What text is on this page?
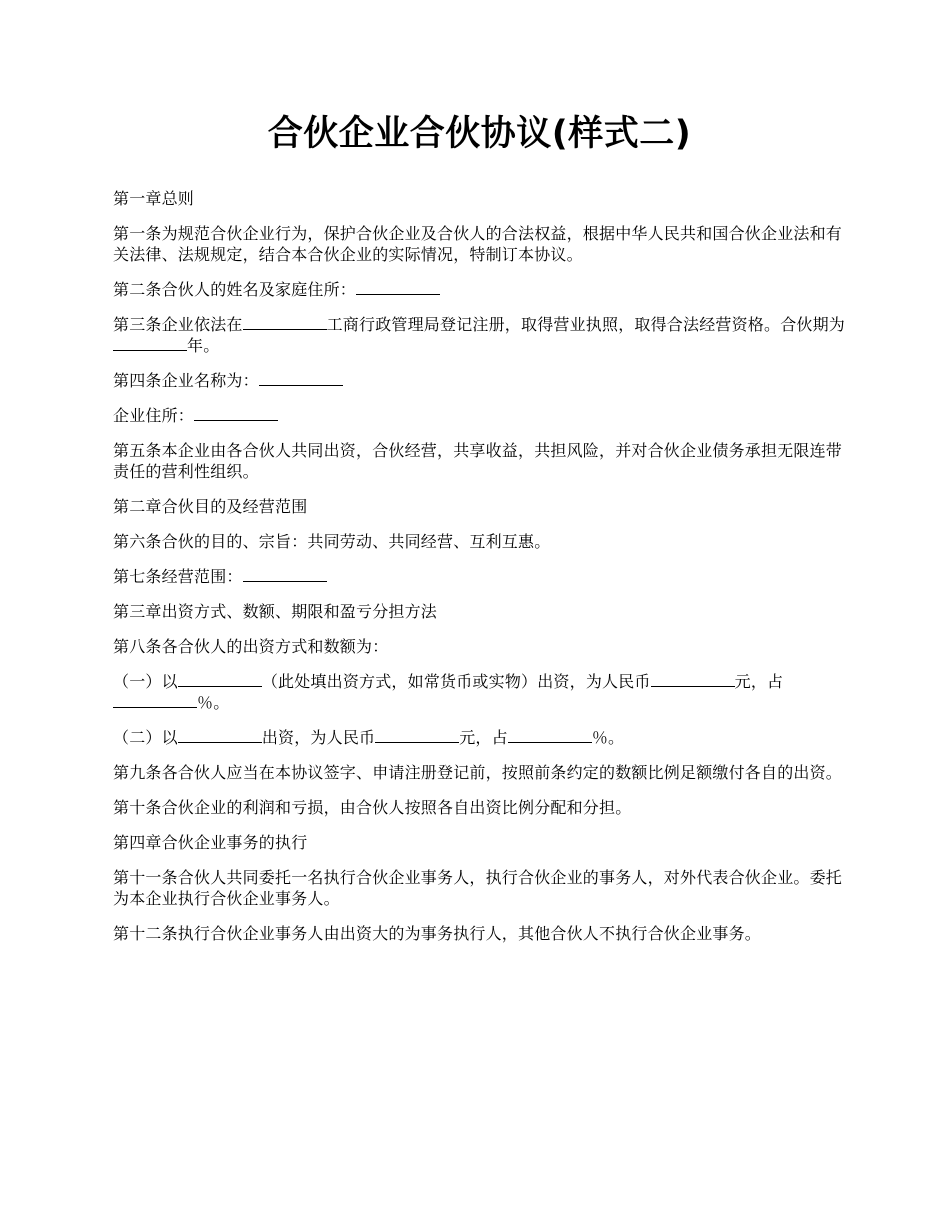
合伙企业合伙协议(样式二)

第一章总则

第一条为规范合伙企业行为，保护合伙企业及合伙人的合法权益，根据中华人民共和国合伙企业法和有关法律、法规规定，结合本合伙企业的实际情况，特制订本协议。

第二条合伙人的姓名及家庭住所：

第三条企业依法在	工商行政管理局登记注册，取得营业执照，取得合法经营资格。合伙期为年。

第四条企业名称为：

企业住所：

第五条本企业由各合伙人共同出资，合伙经营，共享收益，共担风险，并对合伙企业债务承担无限连带责任的营利性组织。

第二章合伙目的及经营范围

第六条合伙的目的、宗旨：共同劳动、共同经营、互利互惠。

第七条经营范围：

第三章出资方式、数额、期限和盈亏分担方法

第八条各合伙人的出资方式和数额为：

（一）以	（此处填出资方式，如常货币或实物）出资，为人民币	元，占％。

（二）以	出资，为人民币	元，占	％。

第九条各合伙人应当在本协议签字、申请注册登记前，按照前条约定的数额比例足额缴付各自的出资。

第十条合伙企业的利润和亏损，由合伙人按照各自出资比例分配和分担。

第四章合伙企业事务的执行

第十一条合伙人共同委托一名执行合伙企业事务人，执行合伙企业的事务人，对外代表合伙企业。委托为本企业执行合伙企业事务人。

第十二条执行合伙企业事务人由出资大的为事务执行人，其他合伙人不执行合伙企业事务。
